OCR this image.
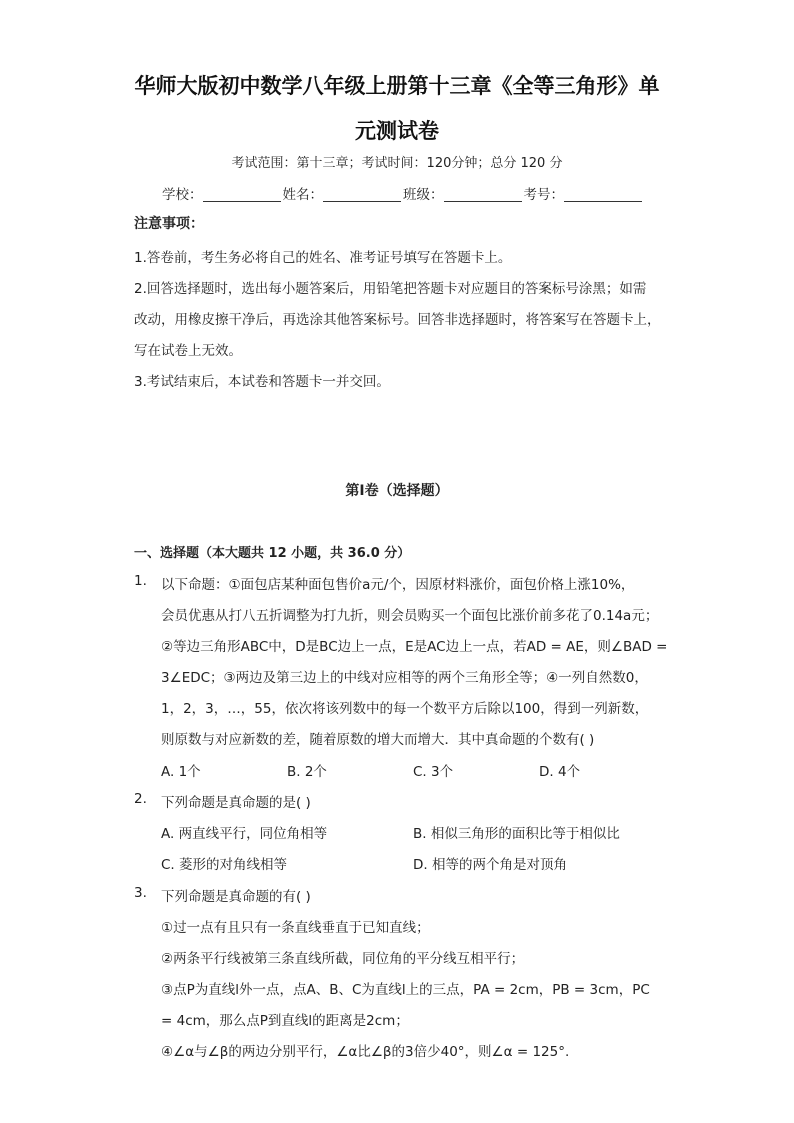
华师大版初中数学八年级上册第十三章《全等三角形》单
元测试卷
考试范围：第十三章；考试时间：120分钟；总分 120 分
学校：	姓名：	班级：	考号：
注意事项：
1.答卷前，考生务必将自己的姓名、准考证号填写在答题卡上。
2.回答选择题时，选出每小题答案后，用铅笔把答题卡对应题目的答案标号涂黑；如需
改动，用橡皮擦干净后，再选涂其他答案标号。回答非选择题时，将答案写在答题卡上，
写在试卷上无效。
3.考试结束后，本试卷和答题卡一并交回。
第Ⅰ卷（选择题）
一、选择题（本大题共 12 小题，共 36.0 分）
1. 以下命题：①面包店某种面包售价a元/个，因原材料涨价，面包价格上涨10%，
会员优惠从打八五折调整为打九折，则会员购买一个面包比涨价前多花了0.14a元；
②等边三角形ABC中，D是BC边上一点，E是AC边上一点，若AD = AE，则∠BAD =
3∠EDC；③两边及第三边上的中线对应相等的两个三角形全等；④一列自然数0，
1，2，3，…，55，依次将该列数中的每一个数平方后除以100，得到一列新数，
则原数与对应新数的差，随着原数的增大而增大．其中真命题的个数有( )
A. 1个	B. 2个	C. 3个	D. 4个
2. 下列命题是真命题的是( )
A. 两直线平行，同位角相等	B. 相似三角形的面积比等于相似比
C. 菱形的对角线相等	D. 相等的两个角是对顶角
3. 下列命题是真命题的有( )
①过一点有且只有一条直线垂直于已知直线；
②两条平行线被第三条直线所截，同位角的平分线互相平行；
③点P为直线l外一点，点A、B、C为直线l上的三点，PA = 2cm，PB = 3cm，PC
= 4cm，那么点P到直线l的距离是2cm；
④∠α与∠β的两边分别平行，∠α比∠β的3倍少40°，则∠α = 125°.
